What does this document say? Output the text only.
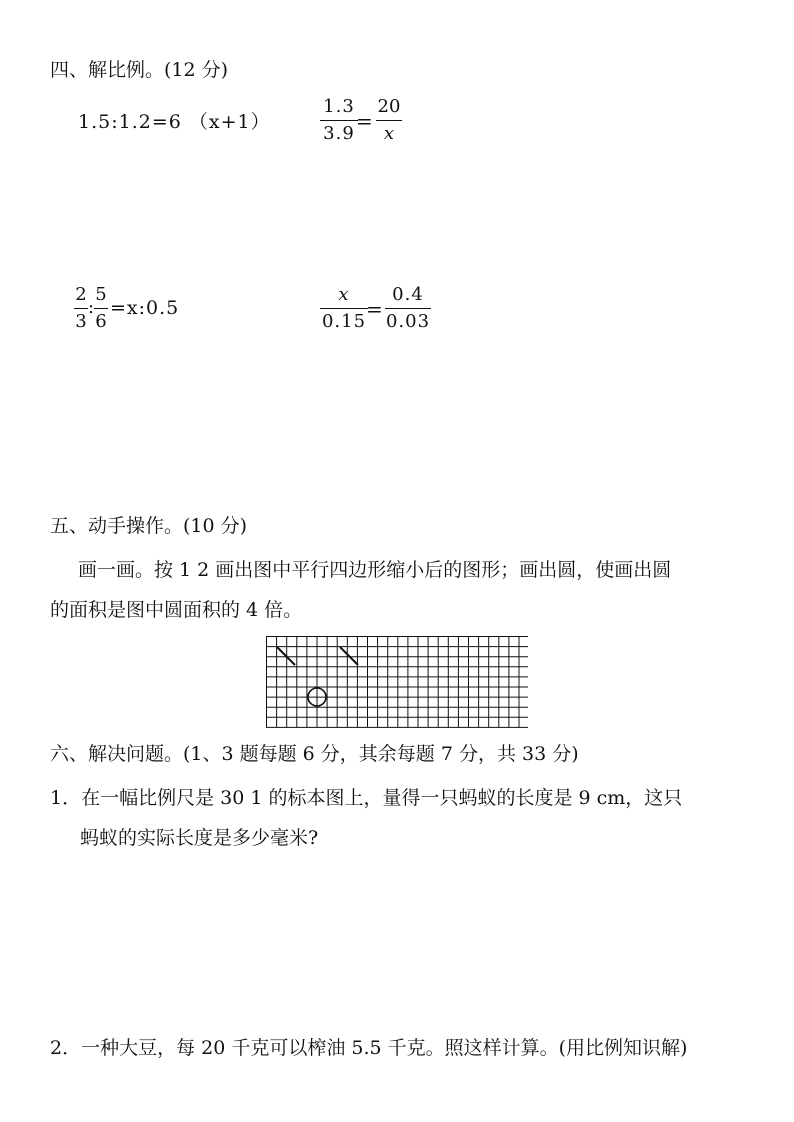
四、解比例。(12 分)
1.5:1.2=6 （x+1）
1.3
3.9
=
20
x
2
3
:
5
6
=x:0.5
x
0.15
=
0.4
0.03
五、动手操作。(10 分)
画一画。按 1 2 画出图中平行四边形缩小后的图形；画出圆，使画出圆
的面积是图中圆面积的 4 倍。
六、解决问题。(1、3 题每题 6 分，其余每题 7 分，共 33 分)
1．在一幅比例尺是 30 1 的标本图上，量得一只蚂蚁的长度是 9 cm，这只
蚂蚁的实际长度是多少毫米?
2．一种大豆，每 20 千克可以榨油 5.5 千克。照这样计算。(用比例知识解)
